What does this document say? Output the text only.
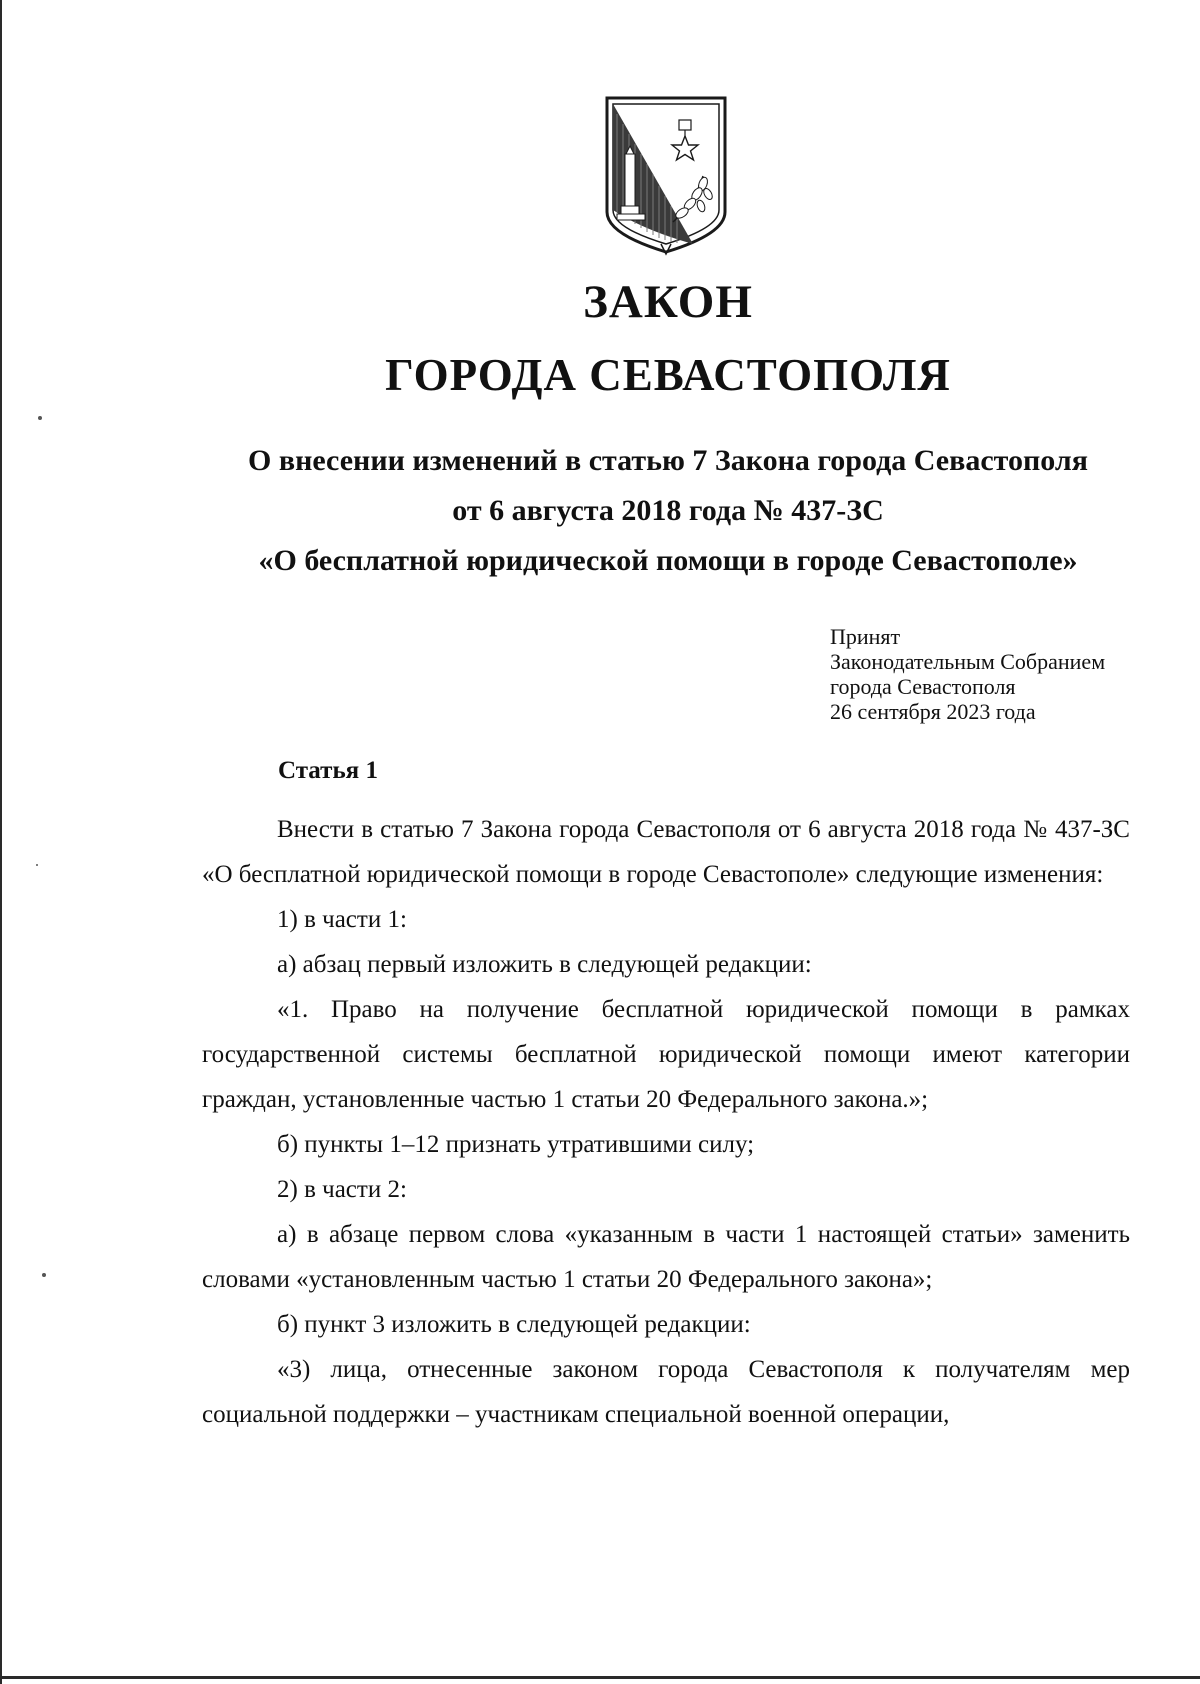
ЗАКОН
ГОРОДА СЕВАСТОПОЛЯ
О внесении изменений в статью 7 Закона города Севастополя
от 6 августа 2018 года № 437-ЗС
«О бесплатной юридической помощи в городе Севастополе»
Принят
Законодательным Собранием
города Севастополя
26 сентября 2023 года
Статья 1

Внести в статью 7 Закона города Севастополя от 6 августа 2018 года № 437-ЗС «О бесплатной юридической помощи в городе Севастополе» следующие изменения:

1) в части 1:

а) абзац первый изложить в следующей редакции:

«1. Право на получение бесплатной юридической помощи в рамках государственной системы бесплатной юридической помощи имеют категории граждан, установленные частью 1 статьи 20 Федерального закона.»;

б) пункты 1–12 признать утратившими силу;

2) в части 2:

а) в абзаце первом слова «указанным в части 1 настоящей статьи» заменить словами «установленным частью 1 статьи 20 Федерального закона»;

б) пункт 3 изложить в следующей редакции:

«3) лица, отнесенные законом города Севастополя к получателям мер социальной поддержки – участникам специальной военной операции,
